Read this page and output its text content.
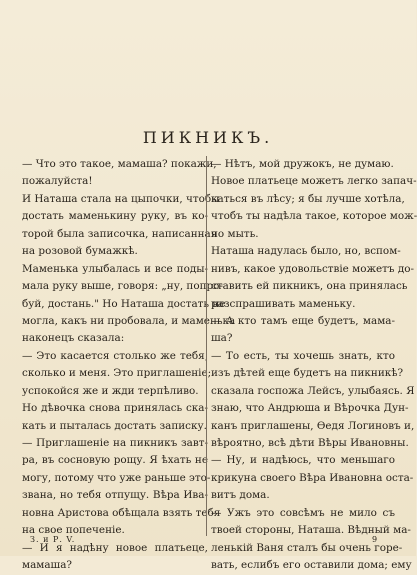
ПИКНИКЪ.
— Что это такое, мамаша? покажи,
пожалуйста!
И Наташа стала на цыпочки, чтобы
достать маменькину руку, въ ко-
торой была записочка, написанная
на розовой бумажкѣ.
Маменька улыбалась и все поды-
мала руку выше, говоря: „ну, попро-
буй, достань." Но Наташа достать не
могла, какъ ни пробовала, и маменька
наконецъ сказала:
— Это касается столько же тебя,
сколько и меня. Это приглашеніе;
успокойся же и жди терпѣливо.
Но дѣвочка снова принялась ска-
кать и пыталась достать записку.
— Приглашеніе на пикникъ завт-
ра, въ сосновую рощу. Я ѣхать не
могу, потому что уже раньше это-
звана, но тебя отпущу. Вѣра Ива-
новна Аристова обѣщала взять тебя
на свое попеченіе.
— И я надѣну новое платьеце,
мамаша?
— Нѣтъ, мой дружокъ, не думаю.
Новое платьеце можетъ легко запач-
каться въ лѣсу; я бы лучше хотѣла,
чтобъ ты надѣла такое, которое мож-
но мыть.
Наташа надулась было, но, вспом-
нивъ, какое удовольствіе можетъ до-
ставить ей пикникъ, она принялась
разспрашивать маменьку.
— А кто тамъ еще будетъ, мама-
ша?
— То есть, ты хочешь знать, кто
изъ дѣтей еще будетъ на пикникѣ?
сказала госпожа Лейсъ, улыбаясь. Я
знаю, что Андрюша и Вѣрочка Дун-
канъ приглашены, Өедя Логиновъ и,
вѣроятно, всѣ дѣти Вѣры Ивановны.
— Ну, и надѣюсь, что меньшаго
крикуна своего Вѣра Ивановна оста-
витъ дома.
— Ужъ это совсѣмъ не мило съ
твоей стороны, Наташа. Вѣдный ма-
ленькій Ваня сталъ бы очень горе-
вать, еслибъ его оставили дома; ему
З. и Р. V.	9
